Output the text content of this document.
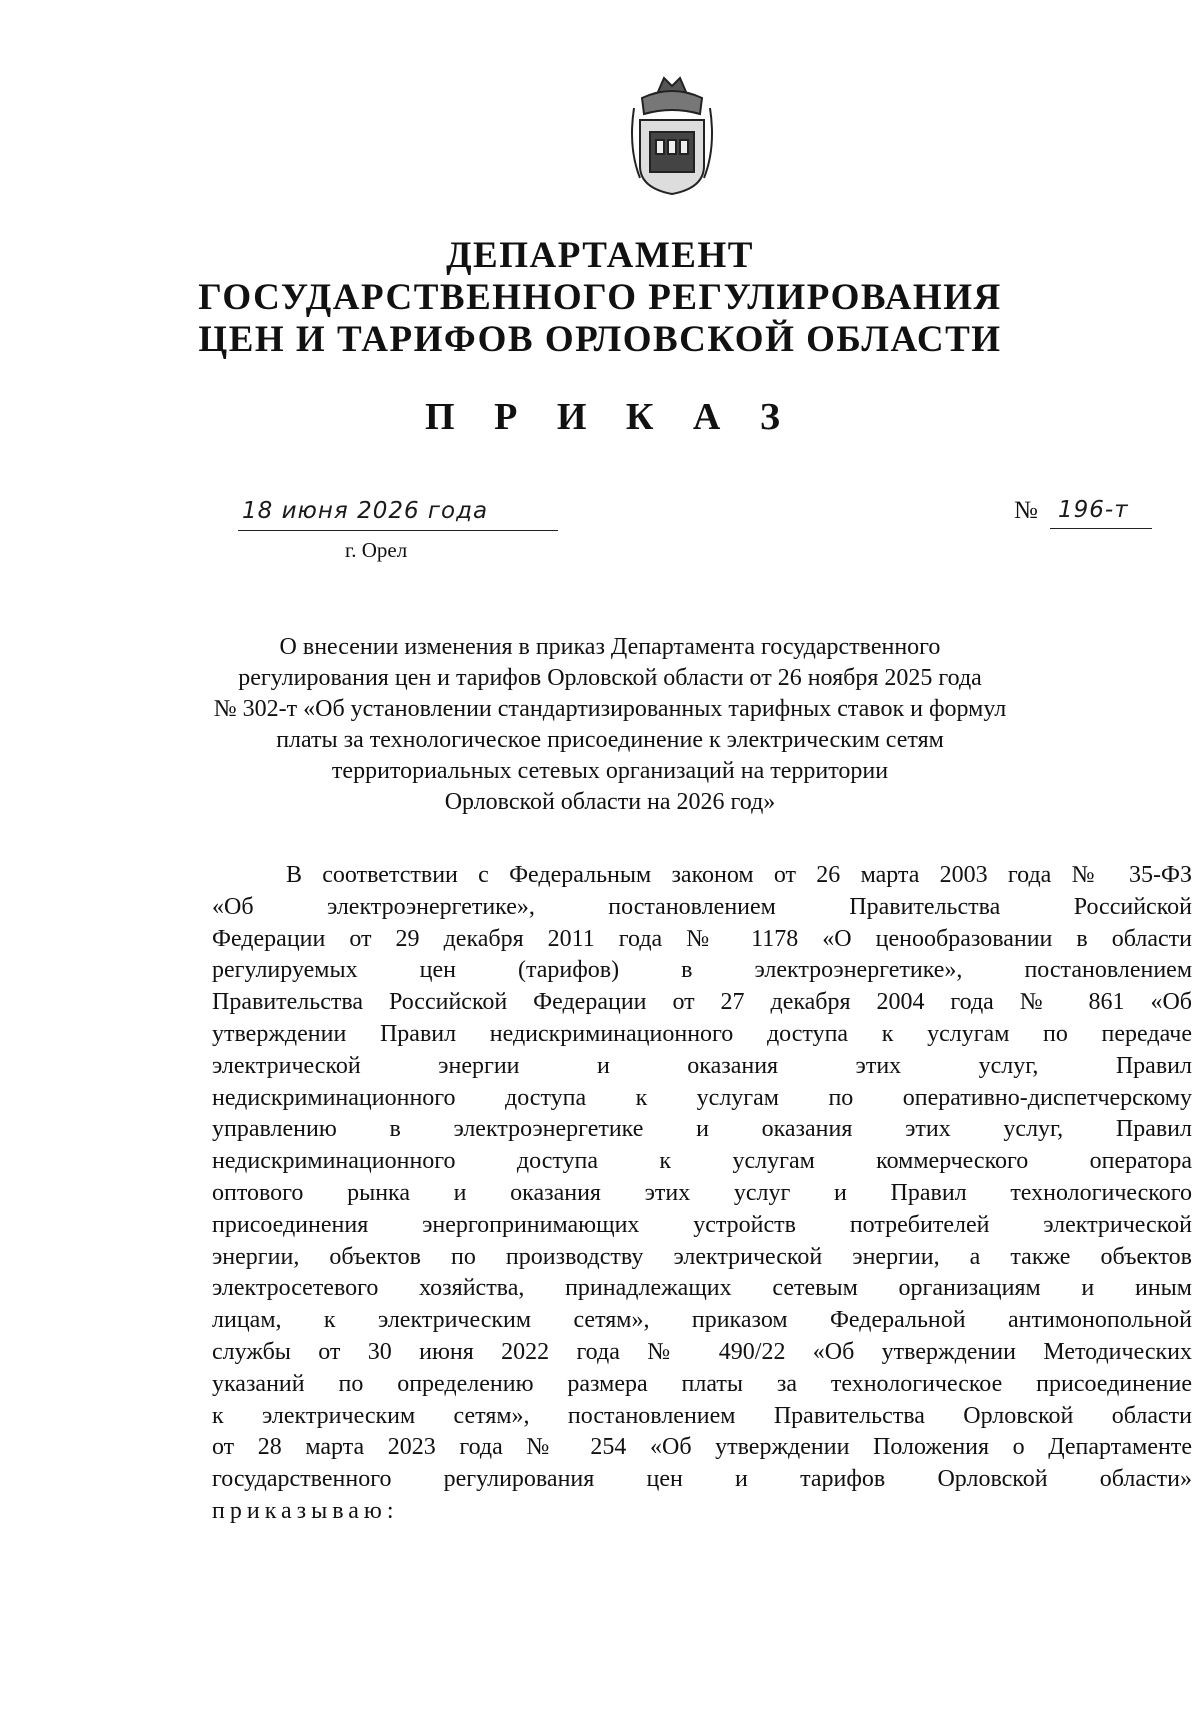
ДЕПАРТАМЕНТ
ГОСУДАРСТВЕННОГО РЕГУЛИРОВАНИЯ
ЦЕН И ТАРИФОВ ОРЛОВСКОЙ ОБЛАСТИ
П Р И К А З
18 июня 2026 года
г. Орел
№ 196-т
О внесении изменения в приказ Департамента государственного
регулирования цен и тарифов Орловской области от 26 ноября 2025 года
№ 302-т «Об установлении стандартизированных тарифных ставок и формул
платы за технологическое присоединение к электрическим сетям
территориальных сетевых организаций на территории
Орловской области на 2026 год»
В соответствии с Федеральным законом от 26 марта 2003 года № 35-ФЗ
«Об электроэнергетике», постановлением Правительства Российской
Федерации от 29 декабря 2011 года № 1178 «О ценообразовании в области
регулируемых цен (тарифов) в электроэнергетике», постановлением
Правительства Российской Федерации от 27 декабря 2004 года № 861 «Об
утверждении Правил недискриминационного доступа к услугам по передаче
электрической энергии и оказания этих услуг, Правил
недискриминационного доступа к услугам по оперативно-диспетчерскому
управлению в электроэнергетике и оказания этих услуг, Правил
недискриминационного доступа к услугам коммерческого оператора
оптового рынка и оказания этих услуг и Правил технологического
присоединения энергопринимающих устройств потребителей электрической
энергии, объектов по производству электрической энергии, а также объектов
электросетевого хозяйства, принадлежащих сетевым организациям и иным
лицам, к электрическим сетям», приказом Федеральной антимонопольной
службы от 30 июня 2022 года № 490/22 «Об утверждении Методических
указаний по определению размера платы за технологическое присоединение
к электрическим сетям», постановлением Правительства Орловской области
от 28 марта 2023 года № 254 «Об утверждении Положения о Департаменте
государственного регулирования цен и тарифов Орловской области»
приказываю:
